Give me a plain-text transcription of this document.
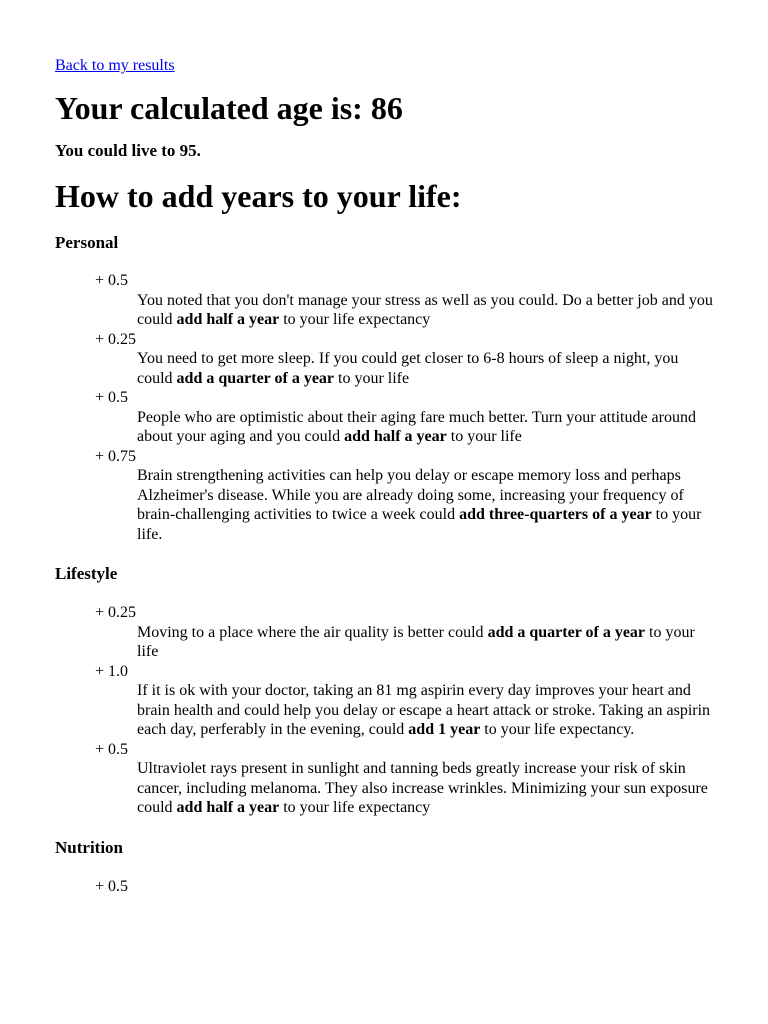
Back to my results
Your calculated age is: 86

You could live to 95.

How to add years to your life:
Personal
+ 0.5
You noted that you don't manage your stress as well as you could. Do a better job and you could add half a year to your life expectancy
+ 0.25
You need to get more sleep. If you could get closer to 6-8 hours of sleep a night, you could add a quarter of a year to your life
+ 0.5
People who are optimistic about their aging fare much better. Turn your attitude around about your aging and you could add half a year to your life
+ 0.75
Brain strengthening activities can help you delay or escape memory loss and perhaps Alzheimer's disease. While you are already doing some, increasing your frequency of brain-challenging activities to twice a week could add three-quarters of a year to your life.
Lifestyle
+ 0.25
Moving to a place where the air quality is better could add a quarter of a year to your life
+ 1.0
If it is ok with your doctor, taking an 81 mg aspirin every day improves your heart and brain health and could help you delay or escape a heart attack or stroke. Taking an aspirin each day, perferably in the evening, could add 1 year to your life expectancy.
+ 0.5
Ultraviolet rays present in sunlight and tanning beds greatly increase your risk of skin cancer, including melanoma. They also increase wrinkles. Minimizing your sun exposure could add half a year to your life expectancy
Nutrition
+ 0.5
